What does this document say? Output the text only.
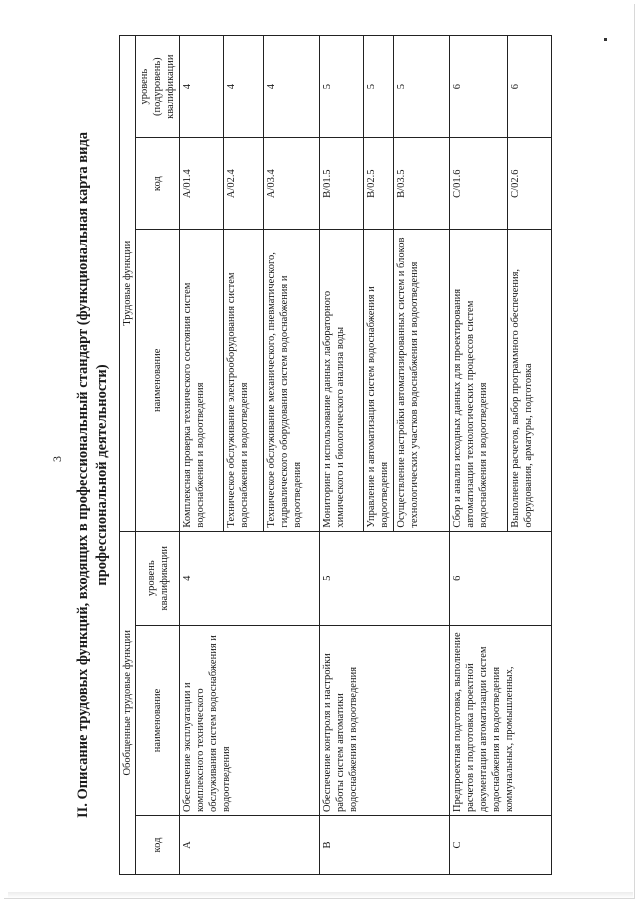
3 II. Описание трудовых функций, входящих в профессиональный стандарт (функциональная карта вида профессиональной деятельности)
Обобщенные трудовые функции			Трудовые функции		
код	наименование	уровень квалификации	наименование	код	уровень (подуровень) квалификации
A	Обеспечение эксплуатации и комплексного технического обслуживания систем водоснабжения и водоотведения	4	Комплексная проверка технического состояния систем водоснабжения и водоотведения	A/01.4	4
			Техническое обслуживание электрооборудования систем водоснабжения и водоотведения	A/02.4	4
			Техническое обслуживание механического, пневматического, гидравлического оборудования систем водоснабжения и водоотведения	A/03.4	4
B	Обеспечение контроля и настройки работы систем автоматики водоснабжения и водоотведения	5	Мониторинг и использование данных лабораторного химического и биологического анализа воды	B/01.5	5
			Управление и автоматизация систем водоснабжения и водоотведения	B/02.5	5
			Осуществление настройки автоматизированных систем и блоков технологических участков водоснабжения и водоотведения	B/03.5	5
C	Предпроектная подготовка, выполнение расчетов и подготовка проектной документации автоматизации систем водоснабжения и водоотведения коммунальных, промышленных,	6	Сбор и анализ исходных данных для проектирования автоматизации технологических процессов систем водоснабжения и водоотведения	C/01.6	6
			Выполнение расчетов, выбор программного обеспечения, оборудования, арматуры, подготовка	C/02.6	6
